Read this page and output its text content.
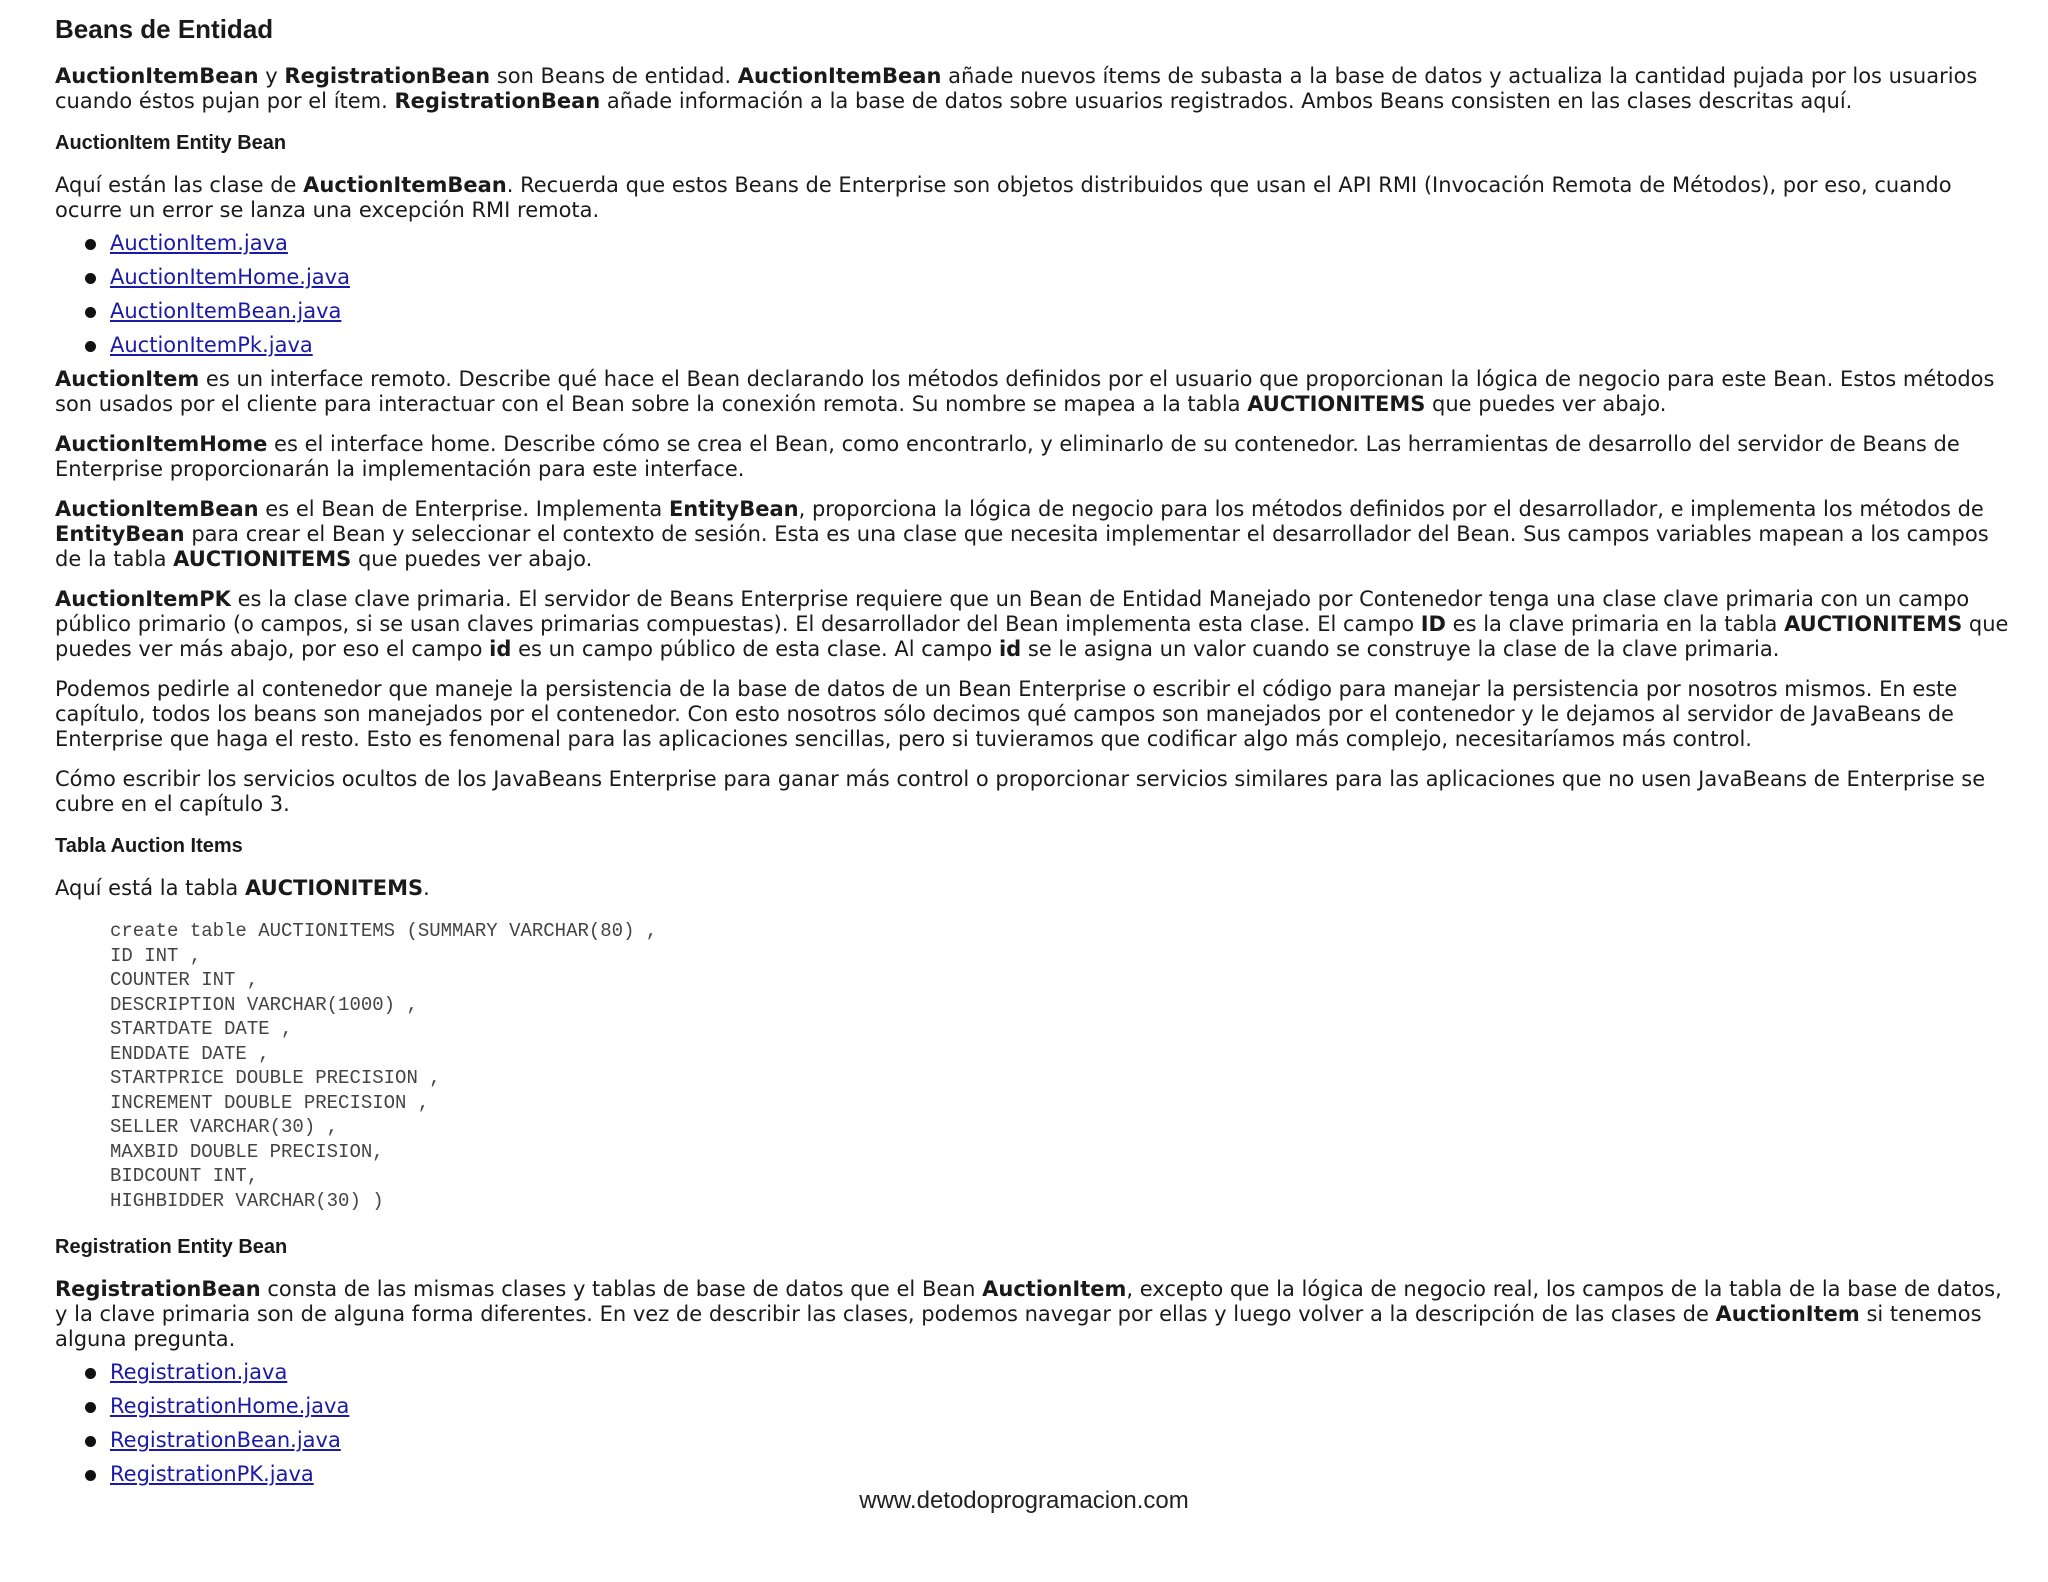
Beans de Entidad

AuctionItemBean y RegistrationBean son Beans de entidad. AuctionItemBean añade nuevos ítems de subasta a la base de datos y actualiza la cantidad pujada por los usuarios cuando éstos pujan por el ítem. RegistrationBean añade información a la base de datos sobre usuarios registrados. Ambos Beans consisten en las clases descritas aquí.

AuctionItem Entity Bean

Aquí están las clase de AuctionItemBean. Recuerda que estos Beans de Enterprise son objetos distribuidos que usan el API RMI (Invocación Remota de Métodos), por eso, cuando ocurre un error se lanza una excepción RMI remota.

AuctionItem.java
AuctionItemHome.java
AuctionItemBean.java
AuctionItemPk.java

AuctionItem es un interface remoto. Describe qué hace el Bean declarando los métodos definidos por el usuario que proporcionan la lógica de negocio para este Bean. Estos métodos son usados por el cliente para interactuar con el Bean sobre la conexión remota. Su nombre se mapea a la tabla AUCTIONITEMS que puedes ver abajo.

AuctionItemHome es el interface home. Describe cómo se crea el Bean, como encontrarlo, y eliminarlo de su contenedor. Las herramientas de desarrollo del servidor de Beans de Enterprise proporcionarán la implementación para este interface.

AuctionItemBean es el Bean de Enterprise. Implementa EntityBean, proporciona la lógica de negocio para los métodos definidos por el desarrollador, e implementa los métodos de EntityBean para crear el Bean y seleccionar el contexto de sesión. Esta es una clase que necesita implementar el desarrollador del Bean. Sus campos variables mapean a los campos de la tabla AUCTIONITEMS que puedes ver abajo.

AuctionItemPK es la clase clave primaria. El servidor de Beans Enterprise requiere que un Bean de Entidad Manejado por Contenedor tenga una clase clave primaria con un campo público primario (o campos, si se usan claves primarias compuestas). El desarrollador del Bean implementa esta clase. El campo ID es la clave primaria en la tabla AUCTIONITEMS que puedes ver más abajo, por eso el campo id es un campo público de esta clase. Al campo id se le asigna un valor cuando se construye la clase de la clave primaria.

Podemos pedirle al contenedor que maneje la persistencia de la base de datos de un Bean Enterprise o escribir el código para manejar la persistencia por nosotros mismos. En este capítulo, todos los beans son manejados por el contenedor. Con esto nosotros sólo decimos qué campos son manejados por el contenedor y le dejamos al servidor de JavaBeans de Enterprise que haga el resto. Esto es fenomenal para las aplicaciones sencillas, pero si tuvieramos que codificar algo más complejo, necesitaríamos más control.

Cómo escribir los servicios ocultos de los JavaBeans Enterprise para ganar más control o proporcionar servicios similares para las aplicaciones que no usen JavaBeans de Enterprise se cubre en el capítulo 3.

Tabla Auction Items

Aquí está la tabla AUCTIONITEMS.

create table AUCTIONITEMS (SUMMARY VARCHAR(80) ,
ID INT ,
COUNTER INT ,
DESCRIPTION VARCHAR(1000) ,
STARTDATE DATE ,
ENDDATE DATE ,
STARTPRICE DOUBLE PRECISION ,
INCREMENT DOUBLE PRECISION ,
SELLER VARCHAR(30) ,
MAXBID DOUBLE PRECISION,
BIDCOUNT INT,
HIGHBIDDER VARCHAR(30) )
Registration Entity Bean

RegistrationBean consta de las mismas clases y tablas de base de datos que el Bean AuctionItem, excepto que la lógica de negocio real, los campos de la tabla de la base de datos, y la clave primaria son de alguna forma diferentes. En vez de describir las clases, podemos navegar por ellas y luego volver a la descripción de las clases de AuctionItem si tenemos alguna pregunta.

Registration.java
RegistrationHome.java
RegistrationBean.java
RegistrationPK.java
www.detodoprogramacion.com
